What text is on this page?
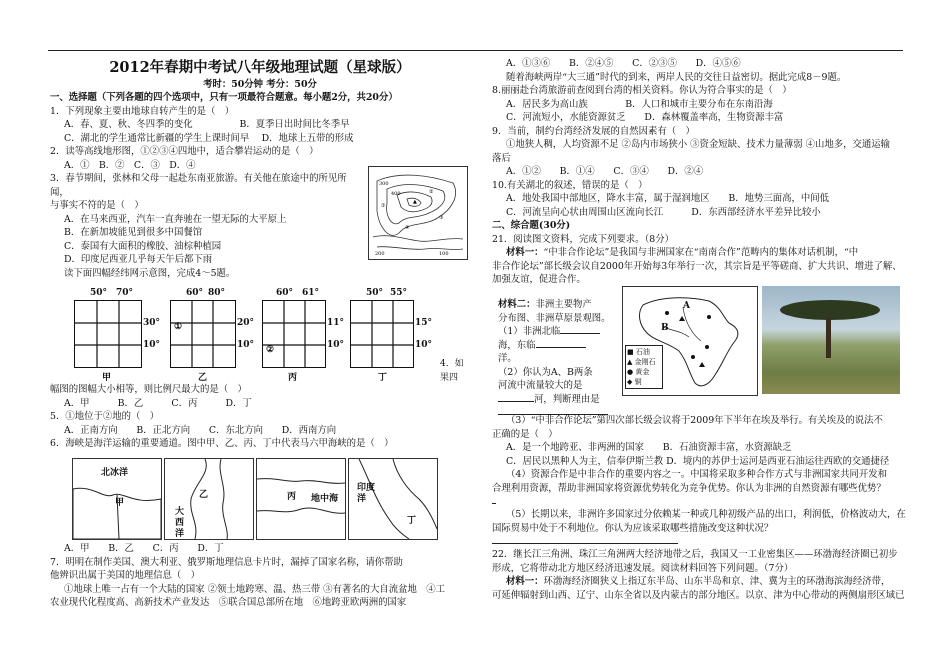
2012年春期中考试八年级地理试题（星球版）
考时：50分钟 考分：50分

一、选择题（下列各题的四个选项中，只有一项最符合题意。每小题2分，共20分）

1．下列现象主要由地球自转产生的是（　）

A．春、夏、秋、冬四季的变化　　　　　B．夏季日出时间比冬季早

C．湖北的学生通常比新疆的学生上课时间早　 D．地球上五带的形成

2．读等高线地形图，①②③④四地中，适合攀岩运动的是（　）

A．①　B．②　C．③　D．④

3．春节期间，张林和父母一起赴东南亚旅游。有关他在旅途中的所见所闻，

与事实不符的是（　）

A．在马来西亚，汽车一直奔驰在一望无际的大平原上

B．在新加坡能见到很多中国餐馆

C．泰国有大面积的橡胶、油棕种植园

D．印度尼西亚几乎每天午后都下雨

读下面四幅经纬网示意图，完成4～5题。

300
400
▲
②
①
③
④
200	100
50° 70°
30°
10°
甲
60° 80°
①	20°
10°
乙
60° 61°
②
11°
10°
丙
50° 55°
15°
10°
丁
4．如
果四

幅图的图幅大小相等，则比例尺最大的是（　）

A．甲　　　B．乙　　　C．丙　　　D．丁

5．①地位于②地的（　）

A．正南方向　　B．正北方向　　C．东北方向　　D．西南方向

6．海峡是海洋运输的重要通道。图中甲、乙、丙、丁中代表马六甲海峡的是（　）

北冰洋
甲
乙
大西洋
丙 地中海
印度洋
丁

A．甲　　B．乙　　C．丙　　D．丁

7．明明在制作美国、澳大利亚、俄罗斯地理信息卡片时，漏掉了国家名称，请你帮助

他辨识出属于美国的地理信息（　）

①地球上唯一占有一个大陆的国家 ②领土地跨寒、温、热三带 ③有著名的大自流盆地　④工

农业现代化程度高、高新技术产业发达　⑤联合国总部所在地　⑥地跨亚欧两洲的国家

A．①③⑥　　B．②④⑤　　C．②③⑤　　D．④⑤⑥

随着海峡两岸“大三通”时代的到来，两岸人民的交往日益密切。据此完成8－9题。

8.丽丽赴台湾旅游前查阅到台湾的相关资料。你认为符合事实的是（　）

A．居民多为高山族　　　　B．人口和城市主要分布在东南沿海

C．河流短小，水能资源贫乏　　D．森林覆盖率高，生物资源丰富

9．当前，制约台湾经济发展的自然因素有（　）

①地狭人稠，人均资源不足 ②岛内市场狭小 ③资金短缺、技术力量薄弱 ④山地多，交通运输

落后

A．①②　　B．①④　　C．③④　　D．②④

10.有关湖北的叙述，错误的是（　）

A．地处我国中部地区，降水丰富，属于湿润地区　　B．地势三面高，中间低

C．河流呈向心状由周围山区流向长江　　　D．东西部经济水平差异比较小

二、综合题(30分)

21．阅读图文资料，完成下列要求。（8分）

材料一：“中非合作论坛”是我国与非洲国家在“南南合作”范畴内的集体对话机制，“中

非合作论坛”部长级会议自2000年开始每3年举行一次，其宗旨是平等磋商、扩大共识、增进了解、

加强友谊，促进合作。

材料二：非洲主要物产

分布图、非洲草原景观图。

（1）非洲北临

海，东临

洋。

（2）你认为A、B两条

河流中流量较大的是

河，判断理由是

A
B
■ 石油
▲ 金刚石
● 黄金
◆ 铜

（3）“中非合作论坛”第四次部长级会议将于2009年下半年在埃及举行。有关埃及的说法不

正确的是（　）

A．是一个地跨亚、非两洲的国家　　B．石油资源丰富，水资源缺乏

C．居民以黑种人为主，信奉伊斯兰教 D．境内的苏伊士运河是西亚石油运往西欧的交通捷径

（4）资源合作是中非合作的重要内容之一。中国将采取多种合作方式与非洲国家共同开发和

合理利用资源，帮助非洲国家将资源优势转化为竞争优势。你认为非洲的自然资源有哪些优势？

（5）长期以来，非洲许多国家过分依赖某一种或几种初级产品的出口，利润低，价格波动大，在

国际贸易中处于不利地位。你认为应该采取哪些措施改变这种状况？

22．继长江三角洲、珠江三角洲两大经济地带之后，我国又一工业密集区——环渤海经济圈已初步

形成，它将带动北方地区经济迅速发展。阅读材料回答下列问题。（7分）

材料一：环渤海经济圈狭义上指辽东半岛、山东半岛和京、津、冀为主的环渤海滨海经济带，

可延伸辐射到山西、辽宁、山东全省以及内蒙古的部分地区。以京、津为中心带动的两侧扇形区域已
